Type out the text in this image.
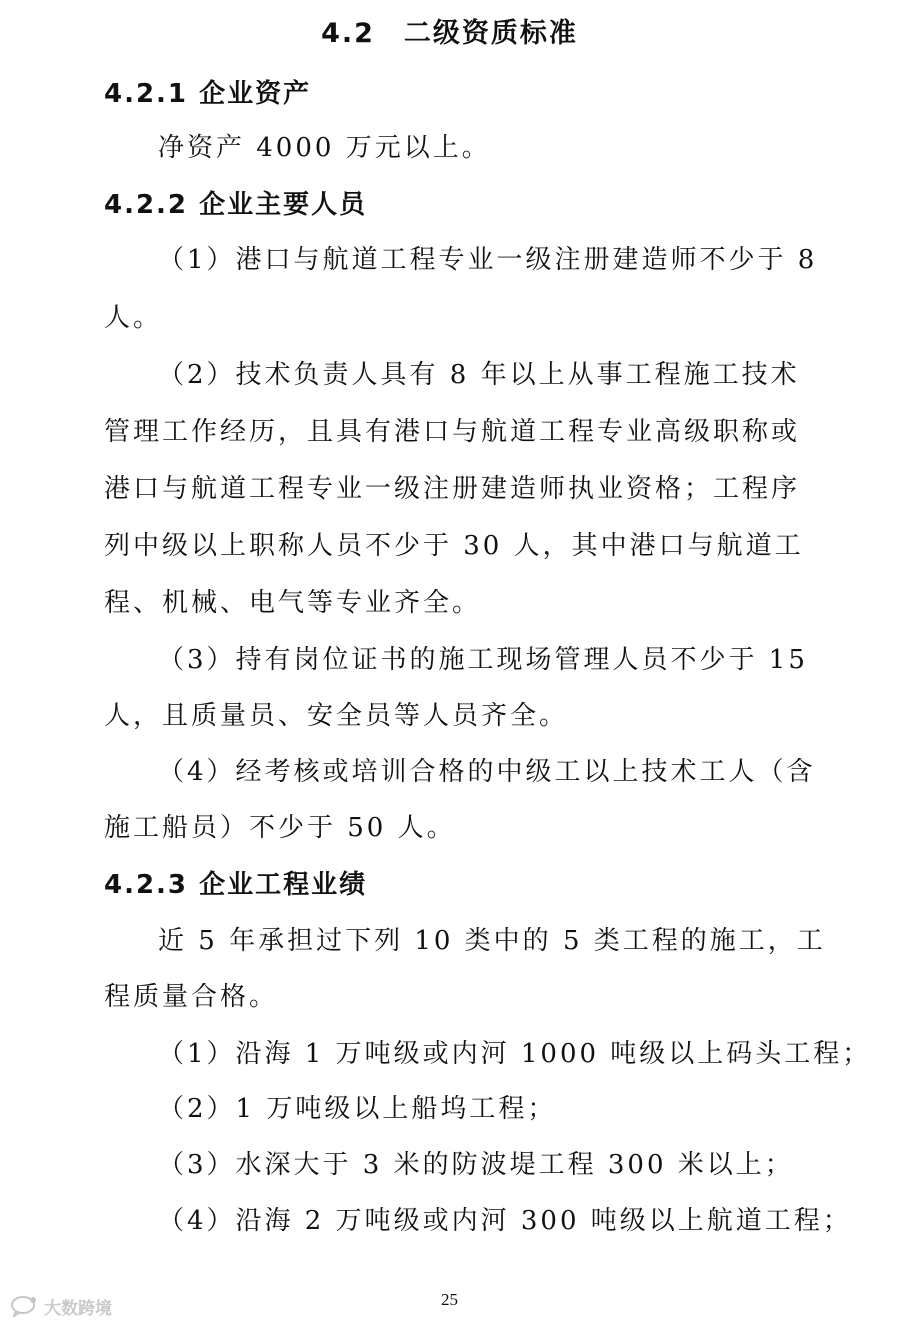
4.2　二级资质标准
4.2.1 企业资产
净资产 4000 万元以上。
4.2.2 企业主要人员
（1）港口与航道工程专业一级注册建造师不少于 8
人。
（2）技术负责人具有 8 年以上从事工程施工技术
管理工作经历，且具有港口与航道工程专业高级职称或
港口与航道工程专业一级注册建造师执业资格；工程序
列中级以上职称人员不少于 30 人，其中港口与航道工
程、机械、电气等专业齐全。
（3）持有岗位证书的施工现场管理人员不少于 15
人，且质量员、安全员等人员齐全。
（4）经考核或培训合格的中级工以上技术工人（含
施工船员）不少于 50 人。
4.2.3 企业工程业绩
近 5 年承担过下列 10 类中的 5 类工程的施工，工
程质量合格。
（1）沿海 1 万吨级或内河 1000 吨级以上码头工程；
（2）1 万吨级以上船坞工程；
（3）水深大于 3 米的防波堤工程 300 米以上；
（4）沿海 2 万吨级或内河 300 吨级以上航道工程；
25
大数跨境
